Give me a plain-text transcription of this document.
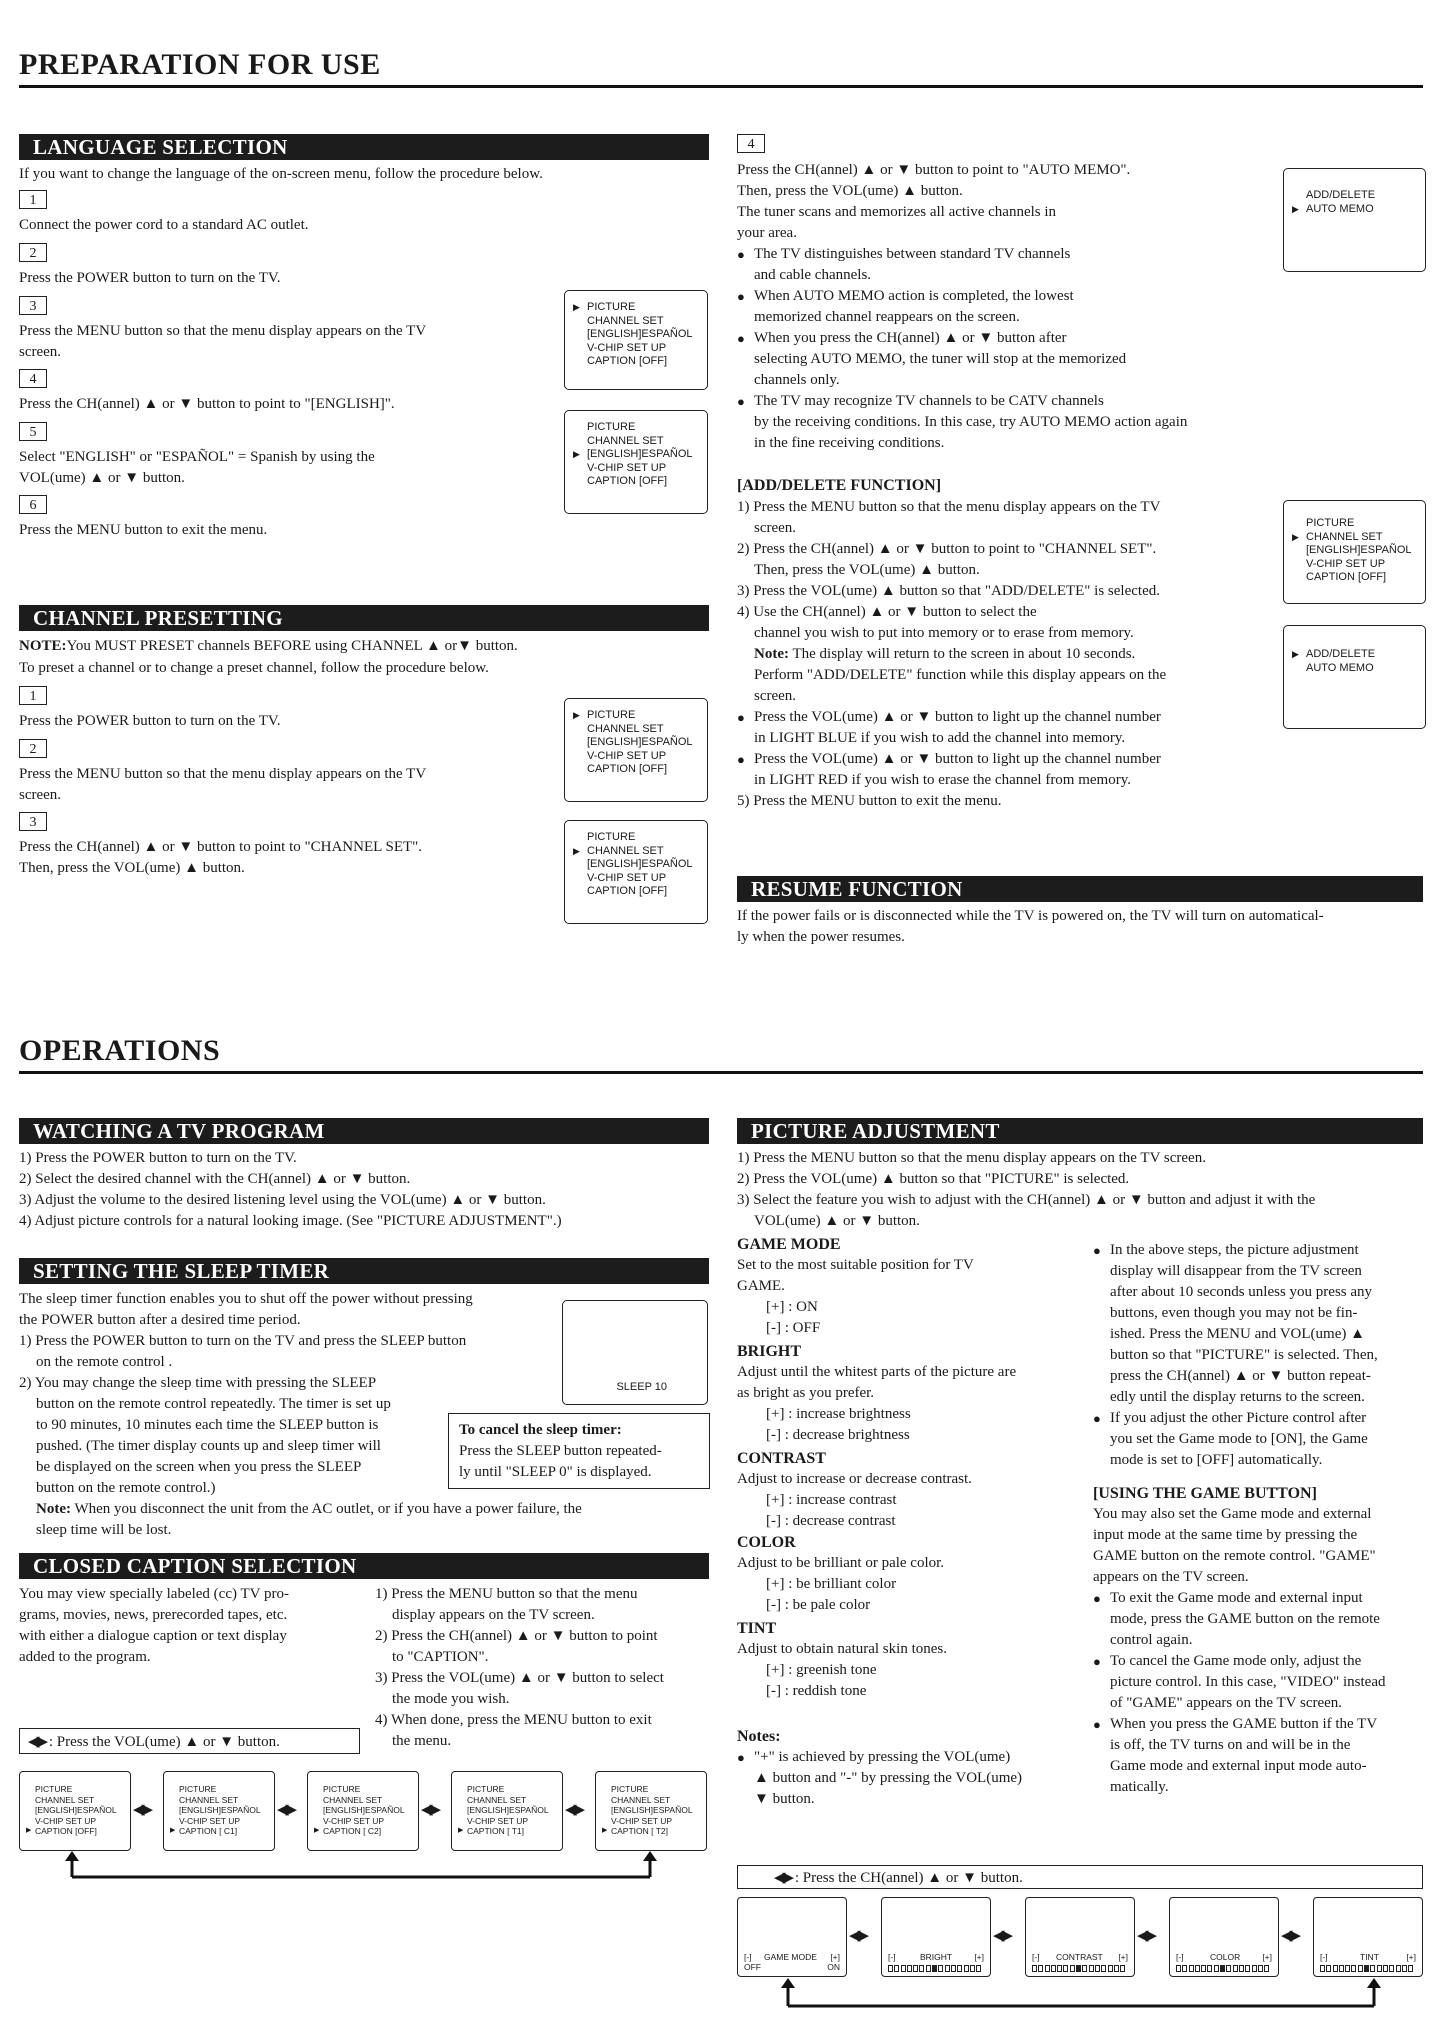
PREPARATION FOR USE
LANGUAGE SELECTION
If you want to change the language of the on-screen menu, follow the procedure below.
1
Connect the power cord to a standard AC outlet.
2
Press the POWER button to turn on the TV.
3
Press the MENU button so that the menu display appears on the TV screen.
4
Press the CH(annel) ▲ or ▼ button to point to "[ENGLISH]".
5
Select "ENGLISH" or "ESPAÑOL" = Spanish by using the VOL(ume) ▲ or ▼ button.
6
Press the MENU button to exit the menu.
▶ PICTURE
CHANNEL SET
[ENGLISH]ESPAÑOL
V-CHIP SET UP
CAPTION [OFF]
PICTURE
CHANNEL SET
▶ [ENGLISH]ESPAÑOL
V-CHIP SET UP
CAPTION [OFF]
CHANNEL PRESETTING
NOTE:You MUST PRESET channels BEFORE using CHANNEL ▲ or▼ button.
To preset a channel or to change a preset channel, follow the procedure below.
1
Press the POWER button to turn on the TV.
2
Press the MENU button so that the menu display appears on the TV screen.
3
Press the CH(annel) ▲ or ▼ button to point to "CHANNEL SET".
Then, press the VOL(ume) ▲ button.
▶ PICTURE
CHANNEL SET
[ENGLISH]ESPAÑOL
V-CHIP SET UP
CAPTION [OFF]
PICTURE
▶ CHANNEL SET
[ENGLISH]ESPAÑOL
V-CHIP SET UP
CAPTION [OFF]
4
Press the CH(annel) ▲ or ▼ button to point to "AUTO MEMO".
Then, press the VOL(ume) ▲ button.
The tuner scans and memorizes all active channels in
your area.
● The TV distinguishes between standard TV channels
and cable channels.
● When AUTO MEMO action is completed, the lowest
memorized channel reappears on the screen.
● When you press the CH(annel) ▲ or ▼ button after
selecting AUTO MEMO, the tuner will stop at the memorized
channels only.
● The TV may recognize TV channels to be CATV channels
by the receiving conditions. In this case, try AUTO MEMO action again
in the fine receiving conditions.
ADD/DELETE
▶ AUTO MEMO
[ADD/DELETE FUNCTION]
1) Press the MENU button so that the menu display appears on the TV
screen.
2) Press the CH(annel) ▲ or ▼ button to point to "CHANNEL SET".
Then, press the VOL(ume) ▲ button.
3) Press the VOL(ume) ▲ button so that "ADD/DELETE" is selected.
4) Use the CH(annel) ▲ or ▼ button to select the
channel you wish to put into memory or to erase from memory.
Note: The display will return to the screen in about 10 seconds.
Perform "ADD/DELETE" function while this display appears on the
screen.
● Press the VOL(ume) ▲ or ▼ button to light up the channel number
in LIGHT BLUE if you wish to add the channel into memory.
● Press the VOL(ume) ▲ or ▼ button to light up the channel number
in LIGHT RED if you wish to erase the channel from memory.
5) Press the MENU button to exit the menu.
PICTURE
▶ CHANNEL SET
[ENGLISH]ESPAÑOL
V-CHIP SET UP
CAPTION [OFF]
▶ ADD/DELETE
AUTO MEMO
RESUME FUNCTION
If the power fails or is disconnected while the TV is powered on, the TV will turn on automatical-
ly when the power resumes.
OPERATIONS
WATCHING A TV PROGRAM
1) Press the POWER button to turn on the TV.
2) Select the desired channel with the CH(annel) ▲ or ▼ button.
3) Adjust the volume to the desired listening level using the VOL(ume) ▲ or ▼ button.
4) Adjust picture controls for a natural looking image. (See "PICTURE ADJUSTMENT".)
SETTING THE SLEEP TIMER
The sleep timer function enables you to shut off the power without pressing
the POWER button after a desired time period.
1) Press the POWER button to turn on the TV and press the SLEEP button
on the remote control .
2) You may change the sleep time with pressing the SLEEP
button on the remote control repeatedly. The timer is set up
to 90 minutes, 10 minutes each time the SLEEP button is
pushed. (The timer display counts up and sleep timer will
be displayed on the screen when you press the SLEEP
button on the remote control.)
Note: When you disconnect the unit from the AC outlet, or if you have a power failure, the
sleep time will be lost.
SLEEP 10
To cancel the sleep timer:
Press the SLEEP button repeated-
ly until "SLEEP 0" is displayed.
CLOSED CAPTION SELECTION
You may view specially labeled (cc) TV pro-
grams, movies, news, prerecorded tapes, etc.
with either a dialogue caption or text display
added to the program.
1) Press the MENU button so that the menu
display appears on the TV screen.
2) Press the CH(annel) ▲ or ▼ button to point
to "CAPTION".
3) Press the VOL(ume) ▲ or ▼ button to select
the mode you wish.
4) When done, press the MENU button to exit
the menu.
◀▶ : Press the VOL(ume) ▲ or ▼ button.
PICTURE
CHANNEL SET
[ENGLISH]ESPAÑOL
V-CHIP SET UP
▶ CAPTION [OFF]
◀▶
PICTURE
CHANNEL SET
[ENGLISH]ESPAÑOL
V-CHIP SET UP
▶ CAPTION [ C1]
◀▶
PICTURE
CHANNEL SET
[ENGLISH]ESPAÑOL
V-CHIP SET UP
▶ CAPTION [ C2]
◀▶
PICTURE
CHANNEL SET
[ENGLISH]ESPAÑOL
V-CHIP SET UP
▶ CAPTION [ T1]
◀▶
PICTURE
CHANNEL SET
[ENGLISH]ESPAÑOL
V-CHIP SET UP
▶ CAPTION [ T2]
PICTURE ADJUSTMENT
1) Press the MENU button so that the menu display appears on the TV screen.
2) Press the VOL(ume) ▲ button so that "PICTURE" is selected.
3) Select the feature you wish to adjust with the CH(annel) ▲ or ▼ button and adjust it with the
VOL(ume) ▲ or ▼ button.
GAME MODE
Set to the most suitable position for TV
GAME.
[+] : ON
[-] : OFF
BRIGHT
Adjust until the whitest parts of the picture are
as bright as you prefer.
[+] : increase brightness
[-] : decrease brightness
CONTRAST
Adjust to increase or decrease contrast.
[+] : increase contrast
[-] : decrease contrast
COLOR
Adjust to be brilliant or pale color.
[+] : be brilliant color
[-] : be pale color
TINT
Adjust to obtain natural skin tones.
[+] : greenish tone
[-] : reddish tone
Notes:
● "+" is achieved by pressing the VOL(ume)
▲ button and "-" by pressing the VOL(ume)
▼ button.
● In the above steps, the picture adjustment
display will disappear from the TV screen
after about 10 seconds unless you press any
buttons, even though you may not be fin-
ished. Press the MENU and VOL(ume) ▲
button so that "PICTURE" is selected. Then,
press the CH(annel) ▲ or ▼ button repeat-
edly until the display returns to the screen.
● If you adjust the other Picture control after
you set the Game mode to [ON], the Game
mode is set to [OFF] automatically.
[USING THE GAME BUTTON]
You may also set the Game mode and external
input mode at the same time by pressing the
GAME button on the remote control. "GAME"
appears on the TV screen.
● To exit the Game mode and external input
mode, press the GAME button on the remote
control again.
● To cancel the Game mode only, adjust the
picture control. In this case, "VIDEO" instead
of "GAME" appears on the TV screen.
● When you press the GAME button if the TV
is off, the TV turns on and will be in the
Game mode and external input mode auto-
matically.
◀▶ : Press the CH(annel) ▲ or ▼ button.
[-] GAME MODE [+]
OFF	ON
◀▶
[-]	BRIGHT	[+]
◀▶
[-] CONTRAST [+]
◀▶
[-]	COLOR	[+]
◀▶
[-]	TINT	[+]
